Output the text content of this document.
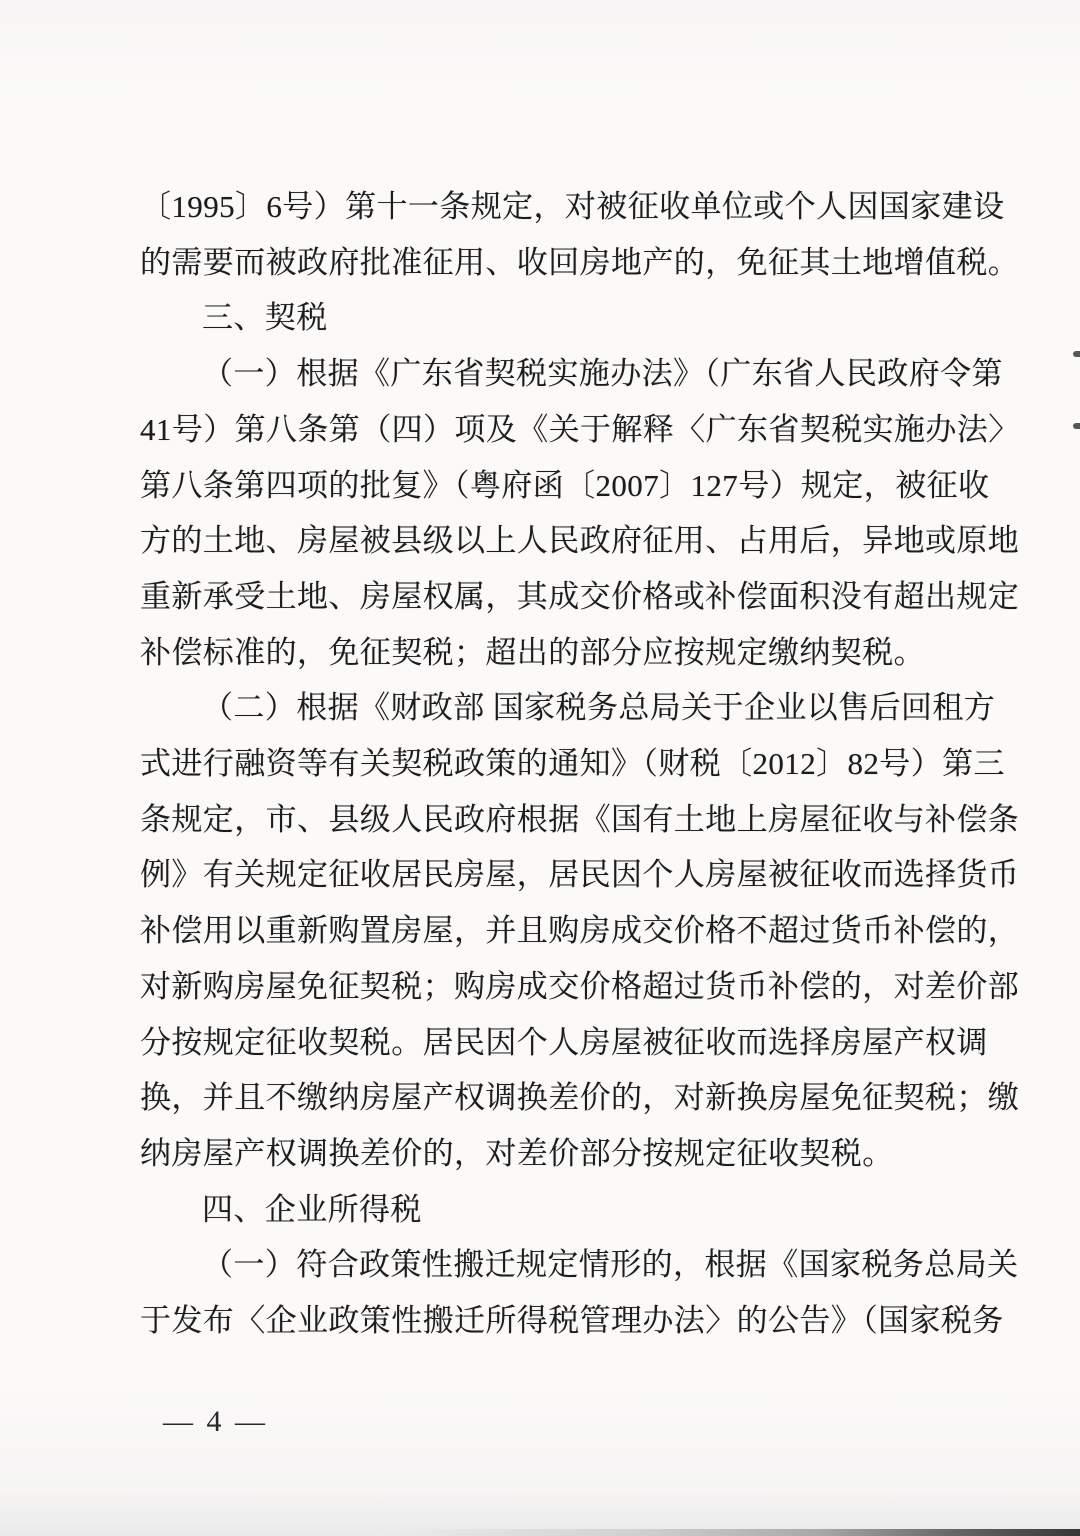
〔1995〕6号）第十一条规定，对被征收单位或个人因国家建设
的需要而被政府批准征用、收回房地产的，免征其土地增值税。
三、契税
（一）根据《广东省契税实施办法》（广东省人民政府令第
41号）第八条第（四）项及《关于解释〈广东省契税实施办法〉
第八条第四项的批复》（粤府函〔2007〕127号）规定，被征收
方的土地、房屋被县级以上人民政府征用、占用后，异地或原地
重新承受土地、房屋权属，其成交价格或补偿面积没有超出规定
补偿标准的，免征契税；超出的部分应按规定缴纳契税。
（二）根据《财政部 国家税务总局关于企业以售后回租方
式进行融资等有关契税政策的通知》（财税〔2012〕82号）第三
条规定，市、县级人民政府根据《国有土地上房屋征收与补偿条
例》有关规定征收居民房屋，居民因个人房屋被征收而选择货币
补偿用以重新购置房屋，并且购房成交价格不超过货币补偿的，
对新购房屋免征契税；购房成交价格超过货币补偿的，对差价部
分按规定征收契税。居民因个人房屋被征收而选择房屋产权调
换，并且不缴纳房屋产权调换差价的，对新换房屋免征契税；缴
纳房屋产权调换差价的，对差价部分按规定征收契税。
四、企业所得税
（一）符合政策性搬迁规定情形的，根据《国家税务总局关
于发布〈企业政策性搬迁所得税管理办法〉的公告》（国家税务
— 4 —
